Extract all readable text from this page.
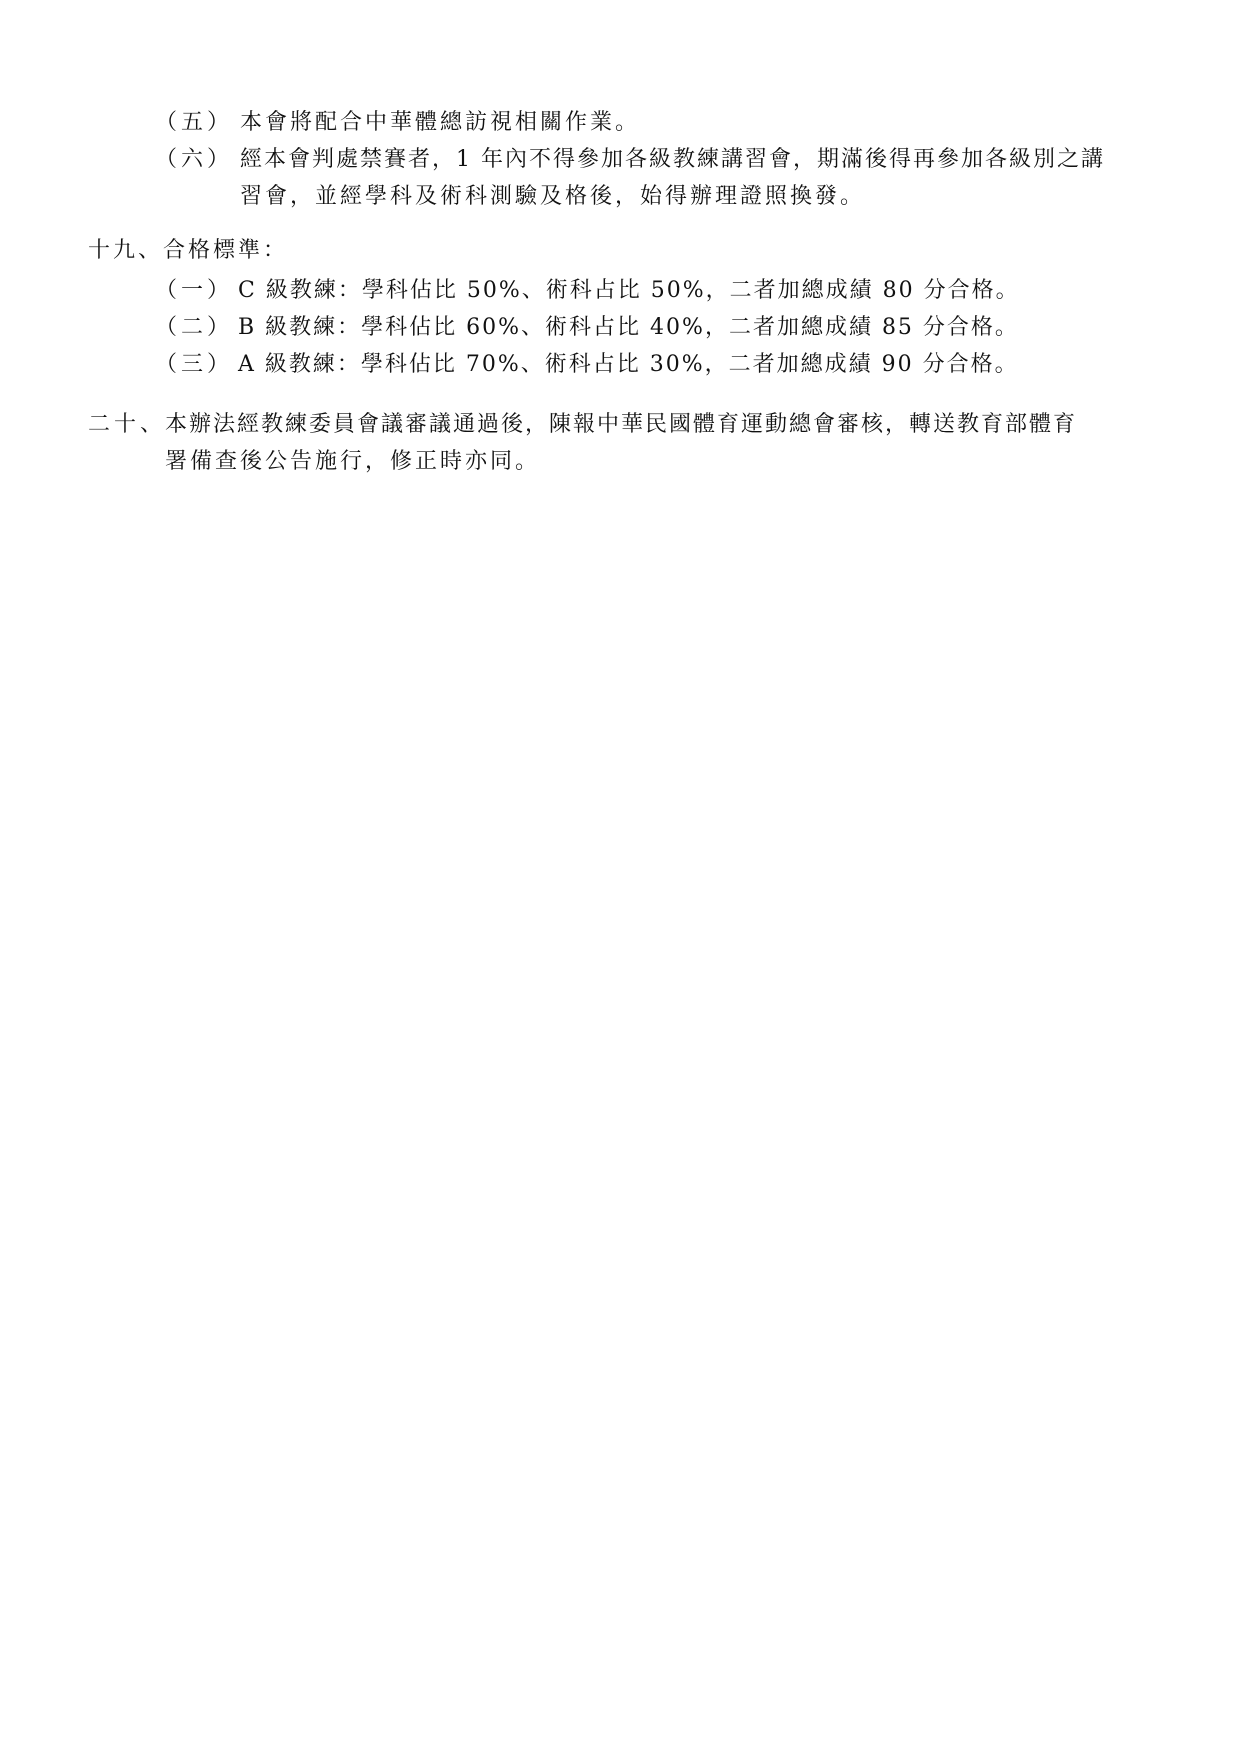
（五） 本會將配合中華體總訪視相關作業。
（六） 經本會判處禁賽者，1 年內不得參加各級教練講習會，期滿後得再參加各級別之講
習會，並經學科及術科測驗及格後，始得辦理證照換發。
十九、合格標準：
（一） C 級教練：學科佔比 50%、術科占比 50%，二者加總成績 80 分合格。
（二） B 級教練：學科佔比 60%、術科占比 40%，二者加總成績 85 分合格。
（三） A 級教練：學科佔比 70%、術科占比 30%，二者加總成績 90 分合格。
二十、
本辦法經教練委員會議審議通過後，陳報中華民國體育運動總會審核，轉送教育部體育
署備查後公告施行，修正時亦同。
